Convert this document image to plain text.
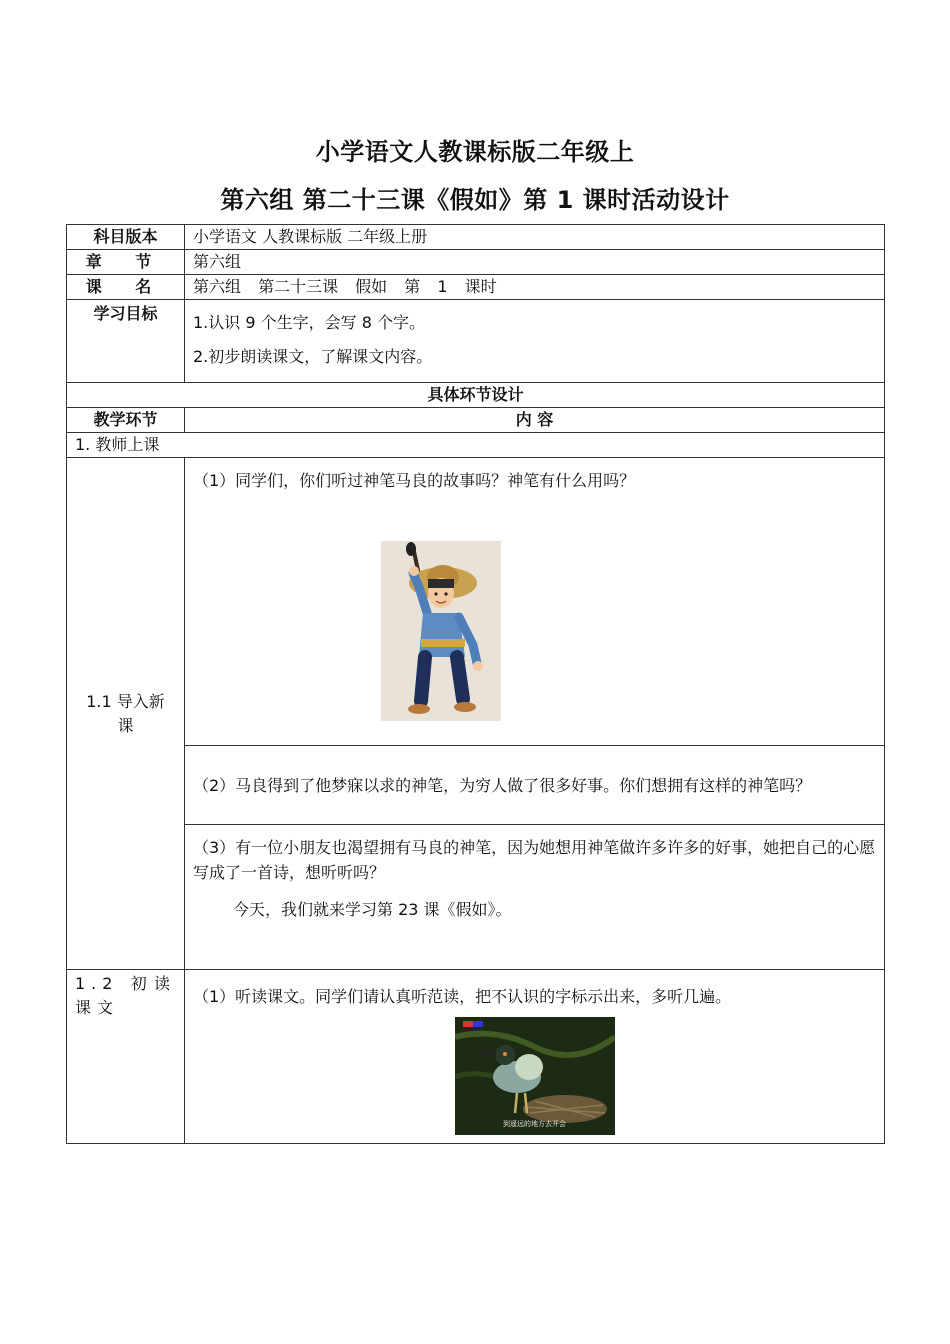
小学语文人教课标版二年级上
第六组 第二十三课《假如》第 1 课时活动设计
科目版本	小学语文 人教课标版 二年级上册
章 节	第六组
课 名	第六组 第二十三课 假如 第 1 课时
学习目标	1.认识 9 个生字，会写 8 个字。

2.初步朗读课文，了解课文内容。

具体环节设计	
教学环节	内 容
1. 教师上课	
1.1 导入新课	（1）同学们，你们听过神笔马良的故事吗？神笔有什么用吗？

	（2）马良得到了他梦寐以求的神笔，为穷人做了很多好事。你们想拥有这样的神笔吗？

	（3）有一位小朋友也渴望拥有马良的神笔，因为她想用神笔做许多许多的好事，她把自己的心愿写成了一首诗，想听听吗？

今天，我们就来学习第 23 课《假如》。

1.2 初读课文	（1）听读课文。同学们请认真听范读，把不认识的字标示出来，多听几遍。

到遥远的地方去开会
